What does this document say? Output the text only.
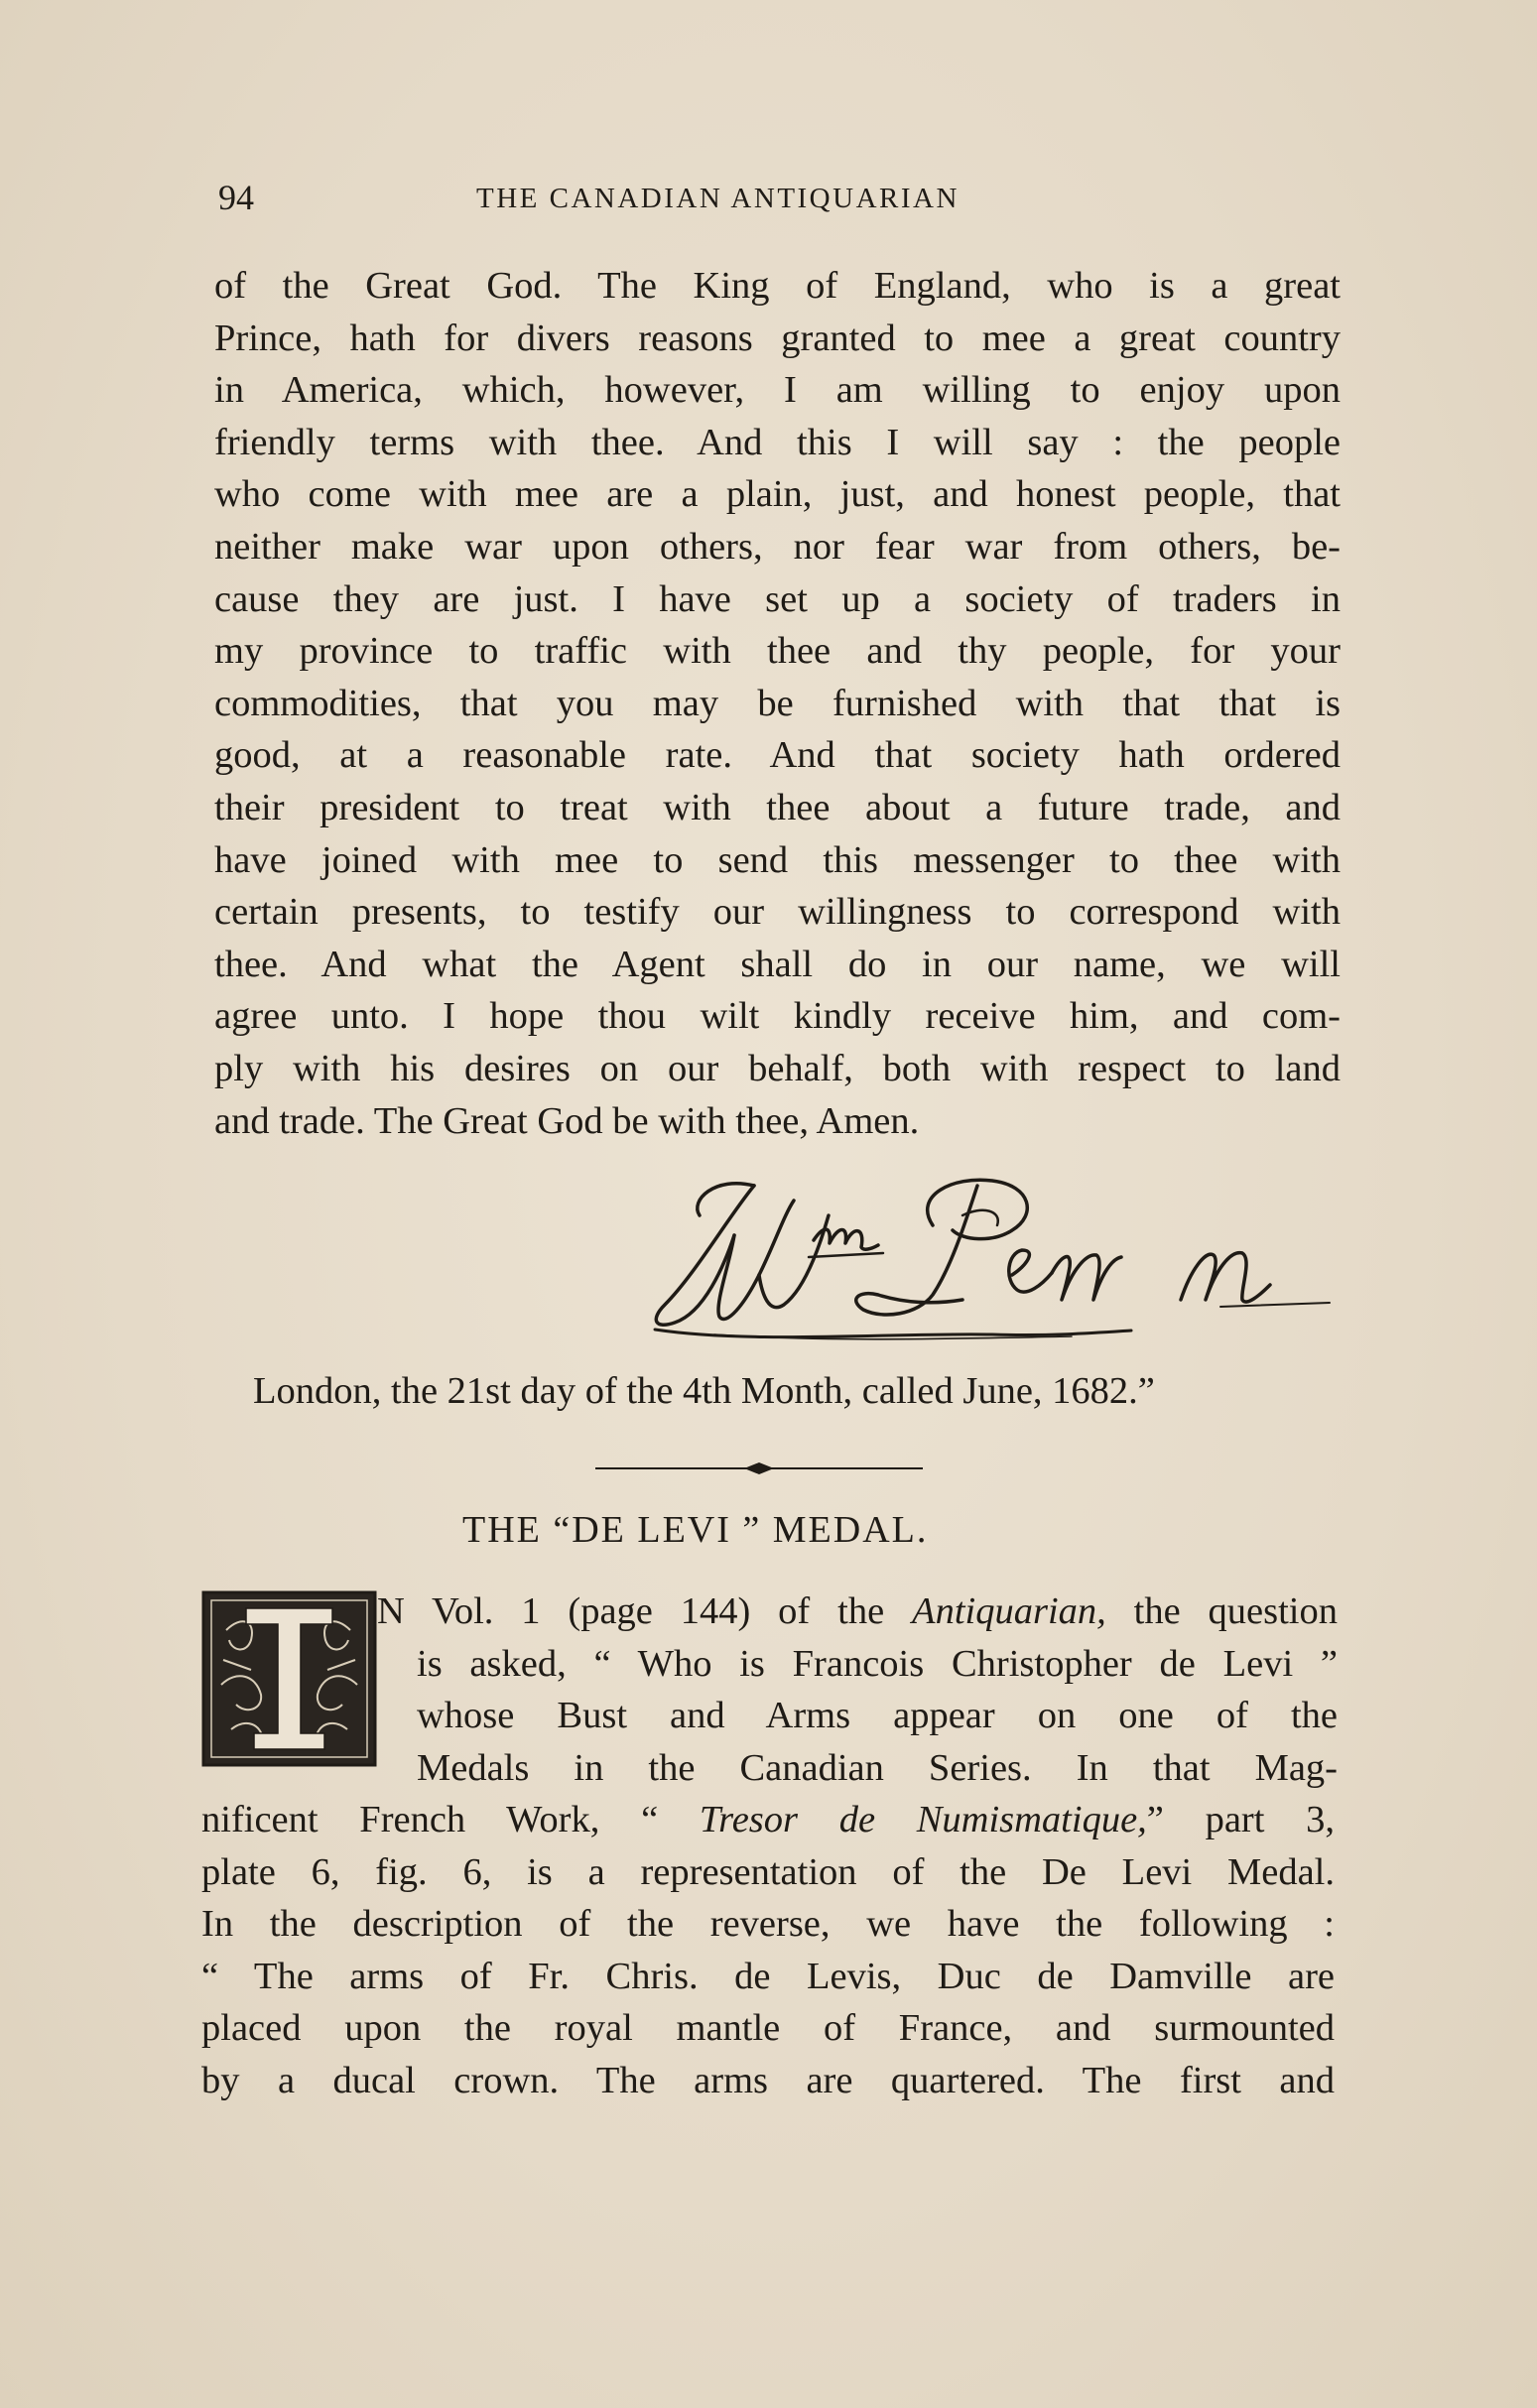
94	THE CANADIAN ANTIQUARIAN
of the Great God. The King of England, who is a great
Prince, hath for divers reasons granted to mee a great country
in America, which, however, I am willing to enjoy upon
friendly terms with thee. And this I will say : the people
who come with mee are a plain, just, and honest people, that
neither make war upon others, nor fear war from others, be-
cause they are just. I have set up a society of traders in
my province to traffic with thee and thy people, for your
commodities, that you may be furnished with that that is
good, at a reasonable rate. And that society hath ordered
their president to treat with thee about a future trade, and
have joined with mee to send this messenger to thee with
certain presents, to testify our willingness to correspond with
thee. And what the Agent shall do in our name, we will
agree unto. I hope thou wilt kindly receive him, and com-
ply with his desires on our behalf, both with respect to land
and trade. The Great God be with thee, Amen.
London, the 21st day of the 4th Month, called June, 1682.”
THE “DE LEVI ” MEDAL.
N Vol. 1 (page 144) of the Antiquarian, the question
is asked, “ Who is Francois Christopher de Levi ”
whose Bust and Arms appear on one of the
Medals in the Canadian Series. In that Mag-
nificent French Work, “ Tresor de Numismatique,” part 3,
plate 6, fig. 6, is a representation of the De Levi Medal.
In the description of the reverse, we have the following :
“ The arms of Fr. Chris. de Levis, Duc de Damville are
placed upon the royal mantle of France, and surmounted
by a ducal crown. The arms are quartered. The first and
